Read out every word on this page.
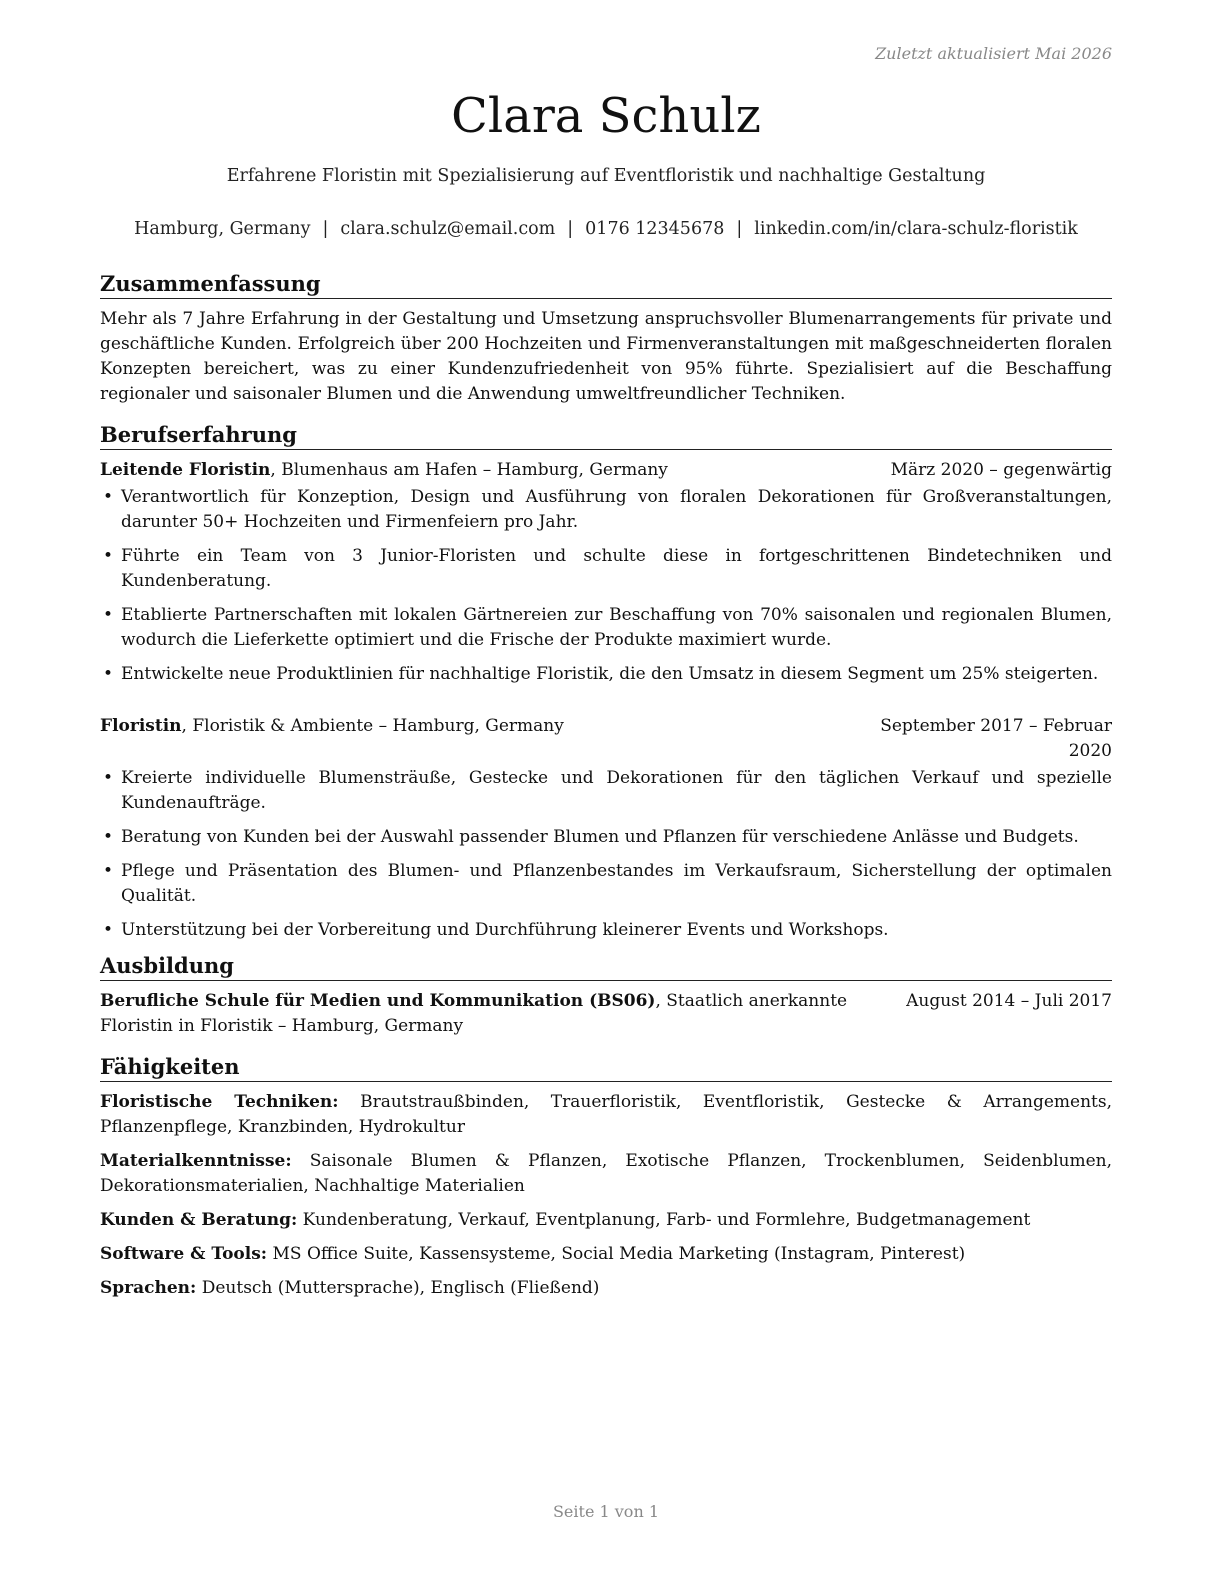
Zuletzt aktualisiert Mai 2026
Clara Schulz
Erfahrene Floristin mit Spezialisierung auf Eventfloristik und nachhaltige Gestaltung
Hamburg, Germany | clara.schulz@email.com | 0176 12345678 | linkedin.com/in/clara-schulz-floristik
Zusammenfassung

Mehr als 7 Jahre Erfahrung in der Gestaltung und Umsetzung anspruchsvoller Blumenarrangements für private und geschäftliche Kunden. Erfolgreich über 200 Hochzeiten und Firmenveranstaltungen mit maßgeschneiderten floralen Konzepten bereichert, was zu einer Kundenzufriedenheit von 95% führte. Spezialisiert auf die Beschaffung regionaler und saisonaler Blumen und die Anwendung umweltfreundlicher Techniken.

Berufserfahrung
Leitende Floristin, Blumenhaus am Hafen – Hamburg, Germany	März 2020 – gegenwärtig
• Verantwortlich für Konzeption, Design und Ausführung von floralen Dekorationen für Großveranstaltungen, darunter 50+ Hochzeiten und Firmenfeiern pro Jahr.
• Führte ein Team von 3 Junior-Floristen und schulte diese in fortgeschrittenen Bindetechniken und Kundenberatung.
• Etablierte Partnerschaften mit lokalen Gärtnereien zur Beschaffung von 70% saisonalen und regionalen Blumen, wodurch die Lieferkette optimiert und die Frische der Produkte maximiert wurde.
• Entwickelte neue Produktlinien für nachhaltige Floristik, die den Umsatz in diesem Segment um 25% steigerten.
Floristin, Floristik & Ambiente – Hamburg, Germany	September 2017 – Februar 2020
• Kreierte individuelle Blumensträuße, Gestecke und Dekorationen für den täglichen Verkauf und spezielle Kundenaufträge.
• Beratung von Kunden bei der Auswahl passender Blumen und Pflanzen für verschiedene Anlässe und Budgets.
• Pflege und Präsentation des Blumen- und Pflanzenbestandes im Verkaufsraum, Sicherstellung der optimalen Qualität.
• Unterstützung bei der Vorbereitung und Durchführung kleinerer Events und Workshops.
Ausbildung
Berufliche Schule für Medien und Kommunikation (BS06), Staatlich anerkannte Floristin in Floristik – Hamburg, Germany
August 2014 – Juli 2017
Fähigkeiten
Floristische Techniken: Brautstraußbinden, Trauerfloristik, Eventfloristik, Gestecke & Arrangements, Pflanzenpflege, Kranzbinden, Hydrokultur
Materialkenntnisse: Saisonale Blumen & Pflanzen, Exotische Pflanzen, Trockenblumen, Seidenblumen, Dekorationsmaterialien, Nachhaltige Materialien
Kunden & Beratung: Kundenberatung, Verkauf, Eventplanung, Farb- und Formlehre, Budgetmanagement
Software & Tools: MS Office Suite, Kassensysteme, Social Media Marketing (Instagram, Pinterest)
Sprachen: Deutsch (Muttersprache), Englisch (Fließend)
Seite 1 von 1
